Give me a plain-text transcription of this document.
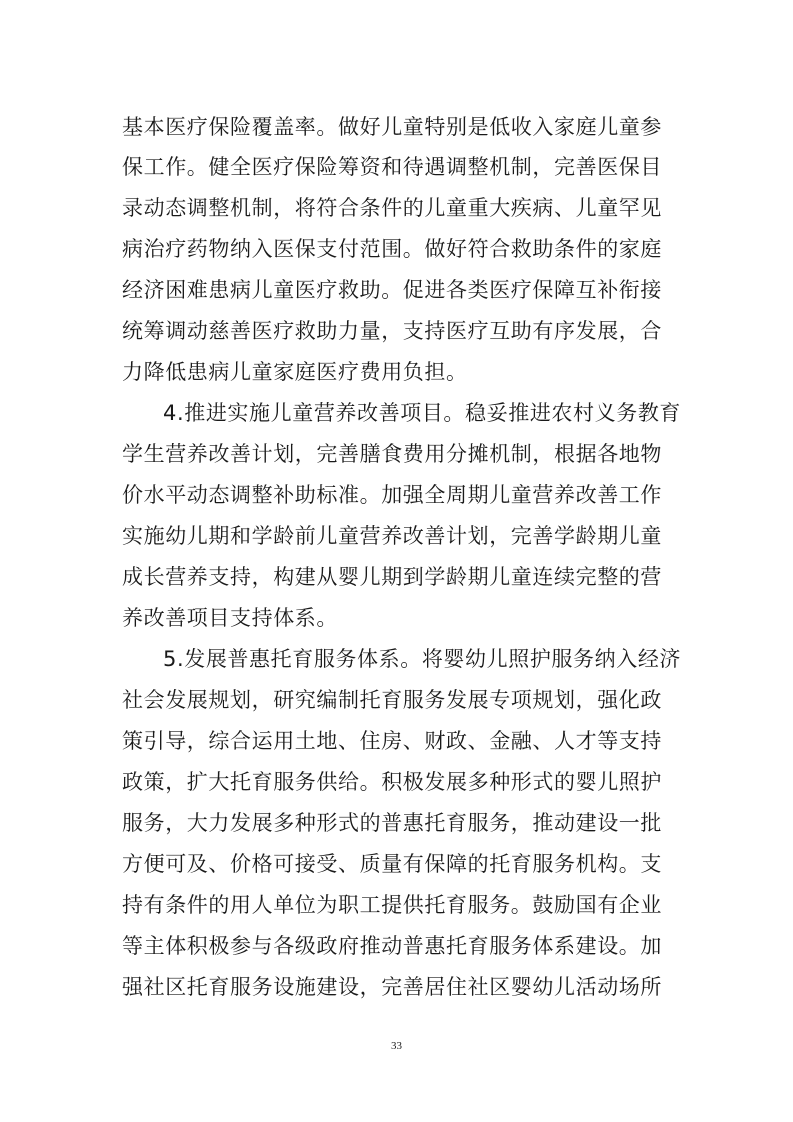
基本医疗保险覆盖率。做好儿童特别是低收入家庭儿童参
保工作。健全医疗保险筹资和待遇调整机制，完善医保目
录动态调整机制，将符合条件的儿童重大疾病、儿童罕见
病治疗药物纳入医保支付范围。做好符合救助条件的家庭
经济困难患病儿童医疗救助。促进各类医疗保障互补衔接
统筹调动慈善医疗救助力量，支持医疗互助有序发展，合
力降低患病儿童家庭医疗费用负担。
4.推进实施儿童营养改善项目。稳妥推进农村义务教育
学生营养改善计划，完善膳食费用分摊机制，根据各地物
价水平动态调整补助标准。加强全周期儿童营养改善工作
实施幼儿期和学龄前儿童营养改善计划，完善学龄期儿童
成长营养支持，构建从婴儿期到学龄期儿童连续完整的营
养改善项目支持体系。
5.发展普惠托育服务体系。将婴幼儿照护服务纳入经济
社会发展规划，研究编制托育服务发展专项规划，强化政
策引导，综合运用土地、住房、财政、金融、人才等支持
政策，扩大托育服务供给。积极发展多种形式的婴儿照护
服务，大力发展多种形式的普惠托育服务，推动建设一批
方便可及、价格可接受、质量有保障的托育服务机构。支
持有条件的用人单位为职工提供托育服务。鼓励国有企业
等主体积极参与各级政府推动普惠托育服务体系建设。加
强社区托育服务设施建设，完善居住社区婴幼儿活动场所
33
